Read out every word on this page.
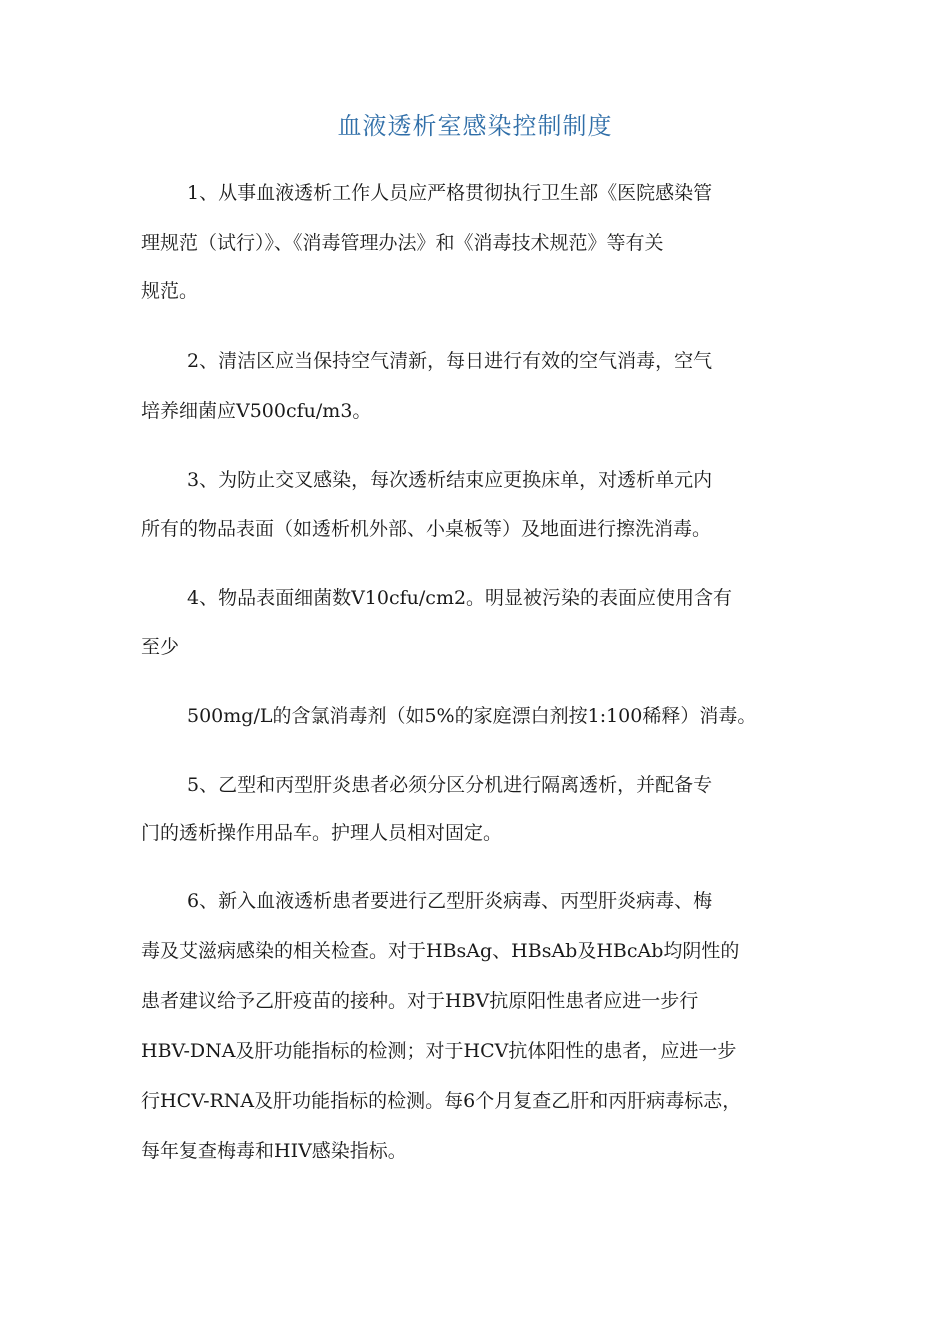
血液透析室感染控制制度

1、从事血液透析工作人员应严格贯彻执行卫生部《医院感染管

理规范（试行）》、《消毒管理办法》和《消毒技术规范》等有关

规范。

2、清洁区应当保持空气清新，每日进行有效的空气消毒，空气

培养细菌应V500cfu/m3。

3、为防止交叉感染，每次透析结束应更换床单，对透析单元内

所有的物品表面（如透析机外部、小桌板等）及地面进行擦洗消毒。

4、物品表面细菌数V10cfu/cm2。明显被污染的表面应使用含有

至少

500mg/L的含氯消毒剂（如5%的家庭漂白剂按1:100稀释）消毒。

5、乙型和丙型肝炎患者必须分区分机进行隔离透析，并配备专

门的透析操作用品车。护理人员相对固定。

6、新入血液透析患者要进行乙型肝炎病毒、丙型肝炎病毒、梅

毒及艾滋病感染的相关检查。对于HBsAg、HBsAb及HBcAb均阴性的

患者建议给予乙肝疫苗的接种。对于HBV抗原阳性患者应进一步行

HBV-DNA及肝功能指标的检测；对于HCV抗体阳性的患者，应进一步

行HCV-RNA及肝功能指标的检测。每6个月复查乙肝和丙肝病毒标志，

每年复查梅毒和HIV感染指标。
